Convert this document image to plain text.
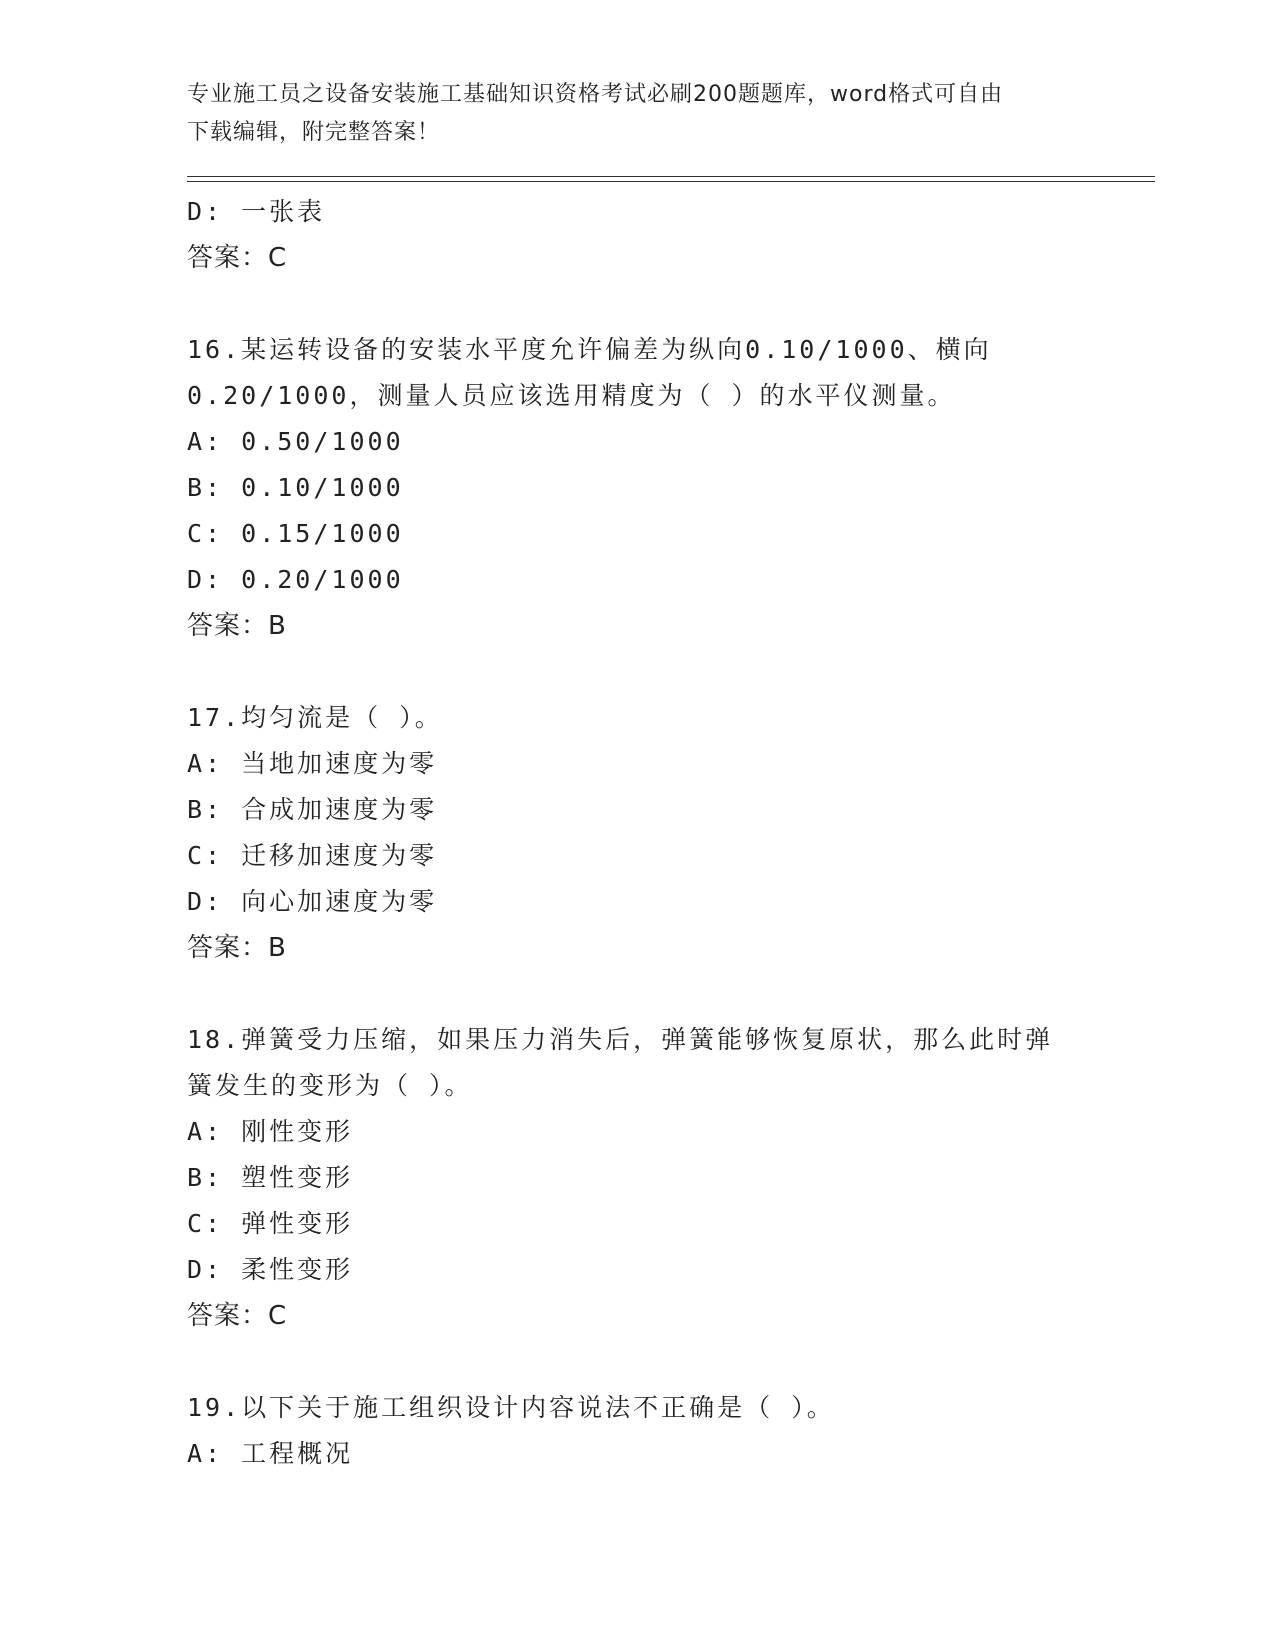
专业施工员之设备安装施工基础知识资格考试必刷200题题库，word格式可自由
下载编辑，附完整答案！
D: 一张表
答案：C
16.某运转设备的安装水平度允许偏差为纵向0.10/1000、横向
0.20/1000，测量人员应该选用精度为（ ）的水平仪测量。
A: 0.50/1000
B: 0.10/1000
C: 0.15/1000
D: 0.20/1000
答案：B
17.均匀流是（ ）。
A: 当地加速度为零
B: 合成加速度为零
C: 迁移加速度为零
D: 向心加速度为零
答案：B
18.弹簧受力压缩，如果压力消失后，弹簧能够恢复原状，那么此时弹
簧发生的变形为（ ）。
A: 刚性变形
B: 塑性变形
C: 弹性变形
D: 柔性变形
答案：C
19.以下关于施工组织设计内容说法不正确是（ ）。
A: 工程概况
